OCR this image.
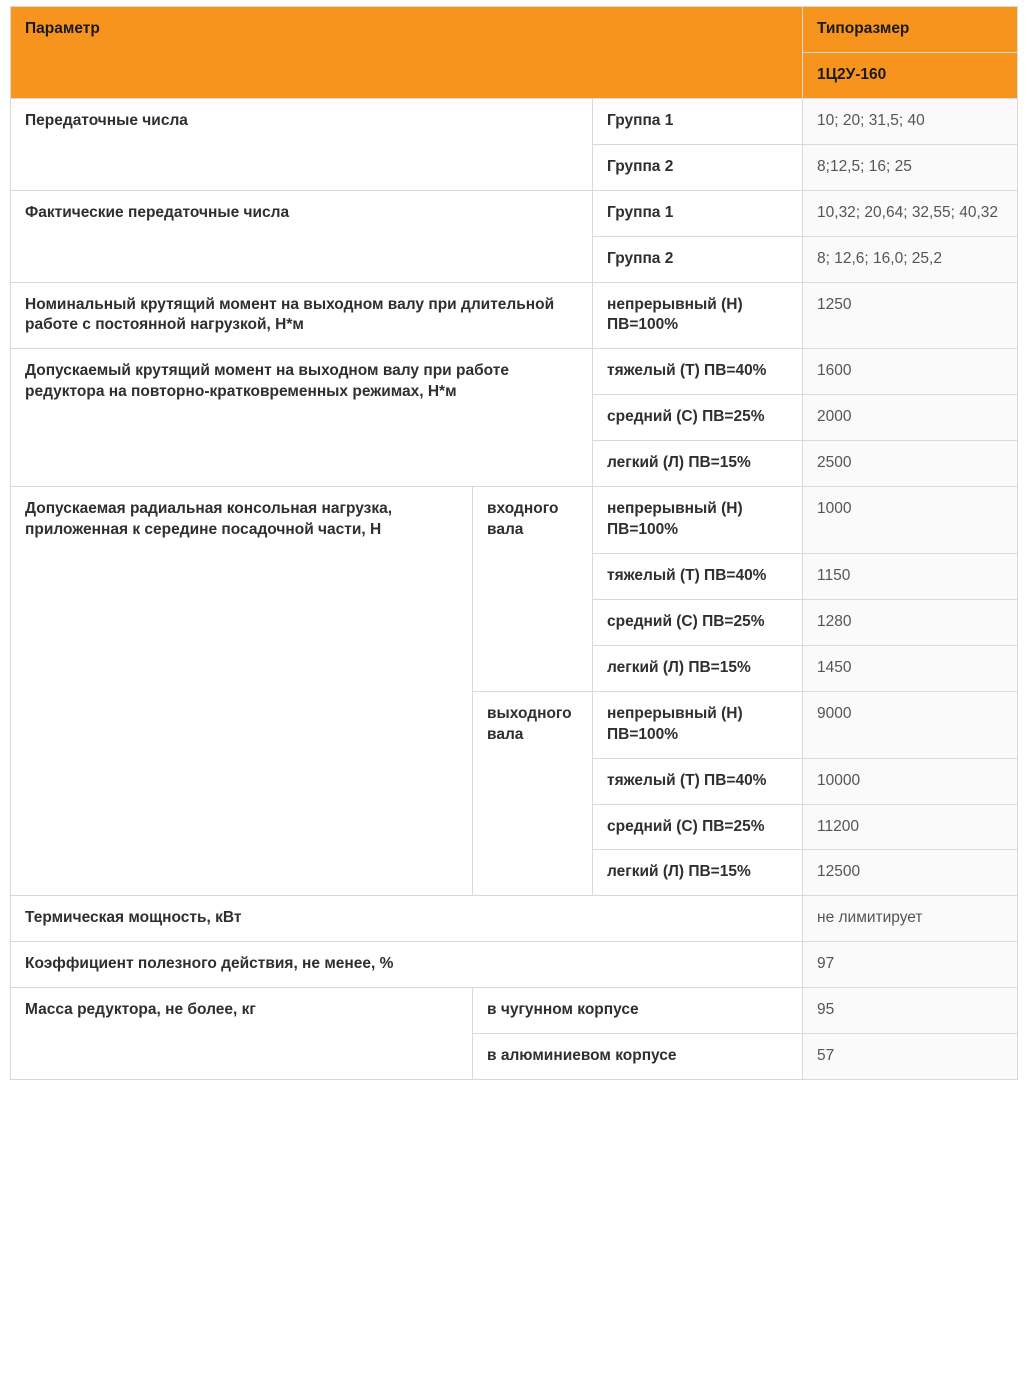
Параметр			Типоразмер
			1Ц2У-160
Передаточные числа		Группа 1	10; 20; 31,5; 40
		Группа 2	8;12,5; 16; 25
Фактические передаточные числа		Группа 1	10,32; 20,64; 32,55; 40,32
		Группа 2	8; 12,6; 16,0; 25,2
Номинальный крутящий момент на выходном валу при длительной работе с постоянной нагрузкой, Н*м		непрерывный (Н) ПВ=100%	1250
Допускаемый крутящий момент на выходном валу при работе редуктора на повторно-кратковременных режимах, Н*м		тяжелый (Т) ПВ=40%	1600
		средний (С) ПВ=25%	2000
		легкий (Л) ПВ=15%	2500
Допускаемая радиальная консольная нагрузка, приложенная к середине посадочной части, Н	входного вала	непрерывный (Н) ПВ=100%	1000
		тяжелый (Т) ПВ=40%	1150
		средний (С) ПВ=25%	1280
		легкий (Л) ПВ=15%	1450
	выходного вала	непрерывный (Н) ПВ=100%	9000
		тяжелый (Т) ПВ=40%	10000
		средний (С) ПВ=25%	11200
		легкий (Л) ПВ=15%	12500
Термическая мощность, кВт			не лимитирует
Коэффициент полезного действия, не менее, %			97
Масса редуктора, не более, кг	в чугунном корпусе		95
	в алюминиевом корпусе		57
